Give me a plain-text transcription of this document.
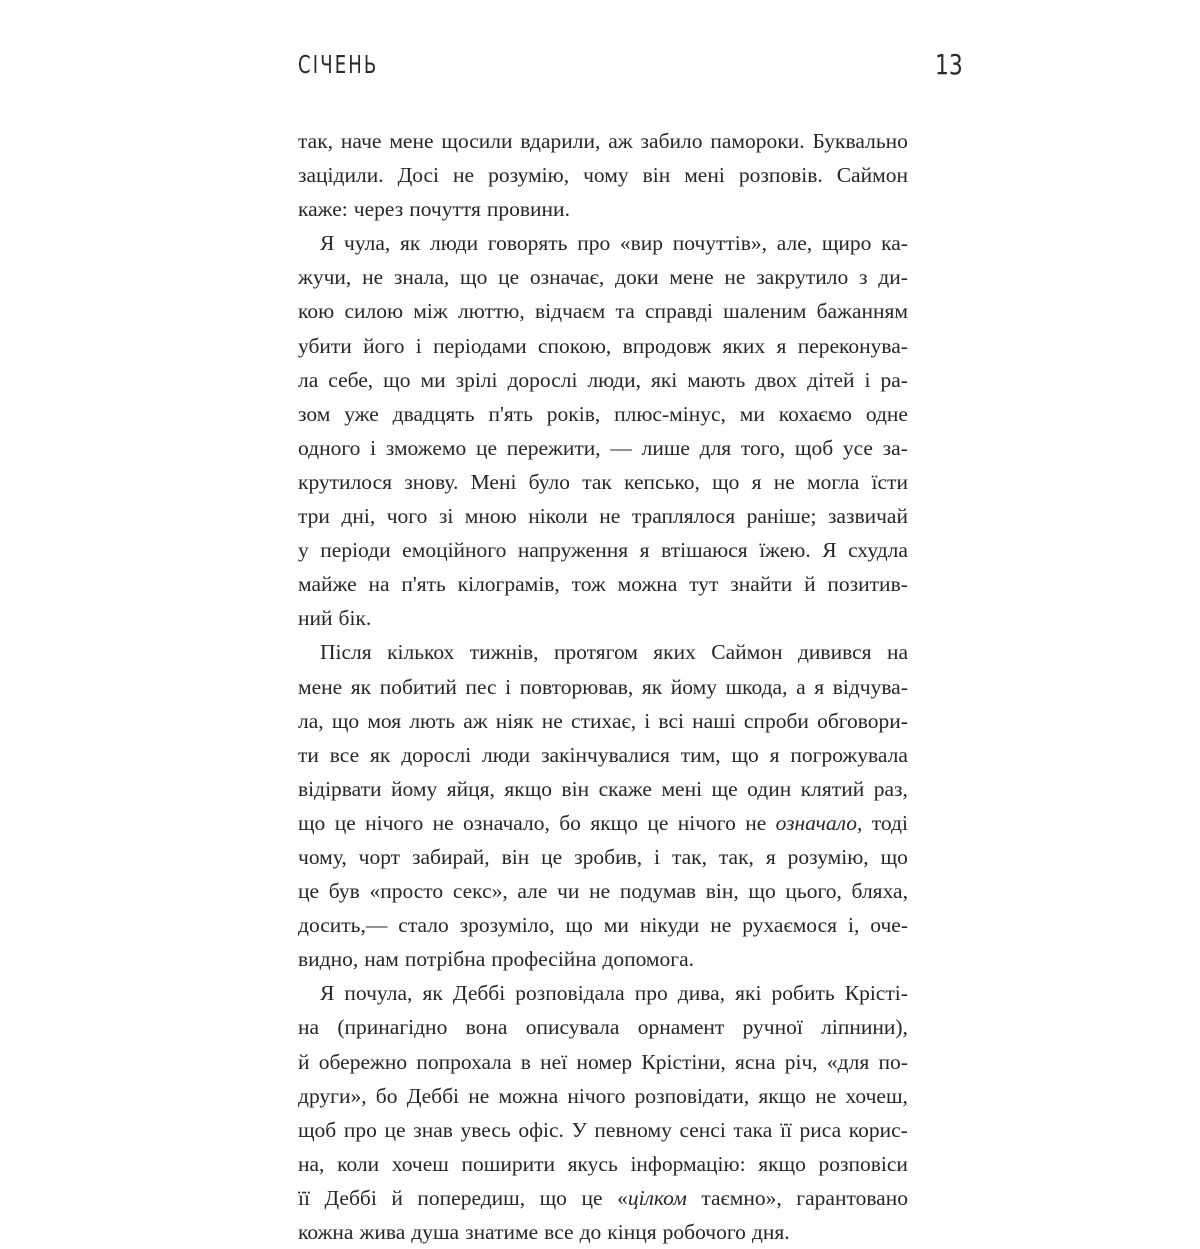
СІЧЕНЬ	13
так, наче мене щосили вдарили, аж забило памороки. Буквально
зацідили. Досі не розумію, чому він мені розповів. Саймон
каже: через почуття провини.
Я чула, як люди говорять про «вир почуттів», але, щиро ка-
жучи, не знала, що це означає, доки мене не закрутило з ди-
кою силою між люттю, відчаєм та справді шаленим бажанням
убити його і періодами спокою, впродовж яких я переконува-
ла себе, що ми зрілі дорослі люди, які мають двох дітей і ра-
зом уже двадцять п'ять років, плюс-мінус, ми кохаємо одне
одного і зможемо це пережити, — лише для того, щоб усе за-
крутилося знову. Мені було так кепсько, що я не могла їсти
три дні, чого зі мною ніколи не траплялося раніше; зазвичай
у періоди емоційного напруження я втішаюся їжею. Я схудла
майже на п'ять кілограмів, тож можна тут знайти й позитив-
ний бік.
Після кількох тижнів, протягом яких Саймон дивився на
мене як побитий пес і повторював, як йому шкода, а я відчува-
ла, що моя лють аж ніяк не стихає, і всі наші спроби обговори-
ти все як дорослі люди закінчувалися тим, що я погрожувала
відірвати йому яйця, якщо він скаже мені ще один клятий раз,
що це нічого не означало, бо якщо це нічого не означало, тоді
чому, чорт забирай, він це зробив, і так, так, я розумію, що
це був «просто секс», але чи не подумав він, що цього, бляха,
досить,— стало зрозуміло, що ми нікуди не рухаємося і, оче-
видно, нам потрібна професійна допомога.
Я почула, як Деббі розповідала про дива, які робить Крісті-
на (принагідно вона описувала орнамент ручної ліпнини),
й обережно попрохала в неї номер Крістіни, ясна річ, «для по-
други», бо Деббі не можна нічого розповідати, якщо не хочеш,
щоб про це знав увесь офіс. У певному сенсі така її риса корис-
на, коли хочеш поширити якусь інформацію: якщо розповіси
її Деббі й попередиш, що це «цілком таємно», гарантовано
кожна жива душа знатиме все до кінця робочого дня.
